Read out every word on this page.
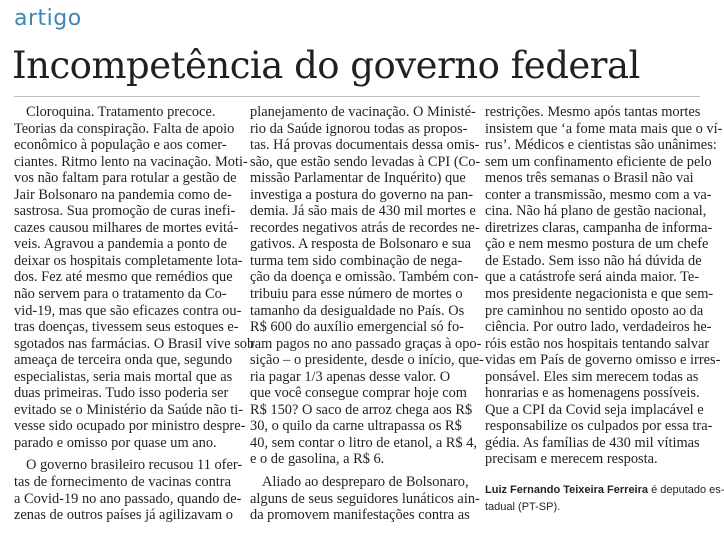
artigo
Incompetência do governo federal
Cloroquina. Tratamento precoce.
Teorias da conspiração. Falta de apoio
econômico à população e aos comer-
ciantes. Ritmo lento na vacinação. Moti-
vos não faltam para rotular a gestão de
Jair Bolsonaro na pandemia como de-
sastrosa. Sua promoção de curas inefi-
cazes causou milhares de mortes evitá-
veis. Agravou a pandemia a ponto de
deixar os hospitais completamente lota-
dos. Fez até mesmo que remédios que
não servem para o tratamento da Co-
vid-19, mas que são eficazes contra ou-
tras doenças, tivessem seus estoques e-
sgotados nas farmácias. O Brasil vive sob
ameaça de terceira onda que, segundo
especialistas, seria mais mortal que as
duas primeiras. Tudo isso poderia ser
evitado se o Ministério da Saúde não ti-
vesse sido ocupado por ministro despre-
parado e omisso por quase um ano.
O governo brasileiro recusou 11 ofer-
tas de fornecimento de vacinas contra
a Covid-19 no ano passado, quando de-
zenas de outros países já agilizavam o
planejamento de vacinação. O Ministé-
rio da Saúde ignorou todas as propos-
tas. Há provas documentais dessa omis-
são, que estão sendo levadas à CPI (Co-
missão Parlamentar de Inquérito) que
investiga a postura do governo na pan-
demia. Já são mais de 430 mil mortes e
recordes negativos atrás de recordes ne-
gativos. A resposta de Bolsonaro e sua
turma tem sido combinação de nega-
ção da doença e omissão. Também con-
tribuiu para esse número de mortes o
tamanho da desigualdade no País. Os
R$ 600 do auxílio emergencial só fo-
ram pagos no ano passado graças à opo-
sição – o presidente, desde o início, que-
ria pagar 1/3 apenas desse valor. O
que você consegue comprar hoje com
R$ 150? O saco de arroz chega aos R$
30, o quilo da carne ultrapassa os R$
40, sem contar o litro de etanol, a R$ 4,
e o de gasolina, a R$ 6.
Aliado ao despreparo de Bolsonaro,
alguns de seus seguidores lunáticos ain-
da promovem manifestações contra as
restrições. Mesmo após tantas mortes
insistem que ‘a fome mata mais que o ví-
rus’. Médicos e cientistas são unânimes:
sem um confinamento eficiente de pelo
menos três semanas o Brasil não vai
conter a transmissão, mesmo com a va-
cina. Não há plano de gestão nacional,
diretrizes claras, campanha de informa-
ção e nem mesmo postura de um chefe
de Estado. Sem isso não há dúvida de
que a catástrofe será ainda maior. Te-
mos presidente negacionista e que sem-
pre caminhou no sentido oposto ao da
ciência. Por outro lado, verdadeiros he-
róis estão nos hospitais tentando salvar
vidas em País de governo omisso e irres-
ponsável. Eles sim merecem todas as
honrarias e as homenagens possíveis.
Que a CPI da Covid seja implacável e
responsabilize os culpados por essa tra-
gédia. As famílias de 430 mil vítimas
precisam e merecem resposta.
Luiz Fernando Teixeira Ferreira é deputado es-
tadual (PT-SP).
